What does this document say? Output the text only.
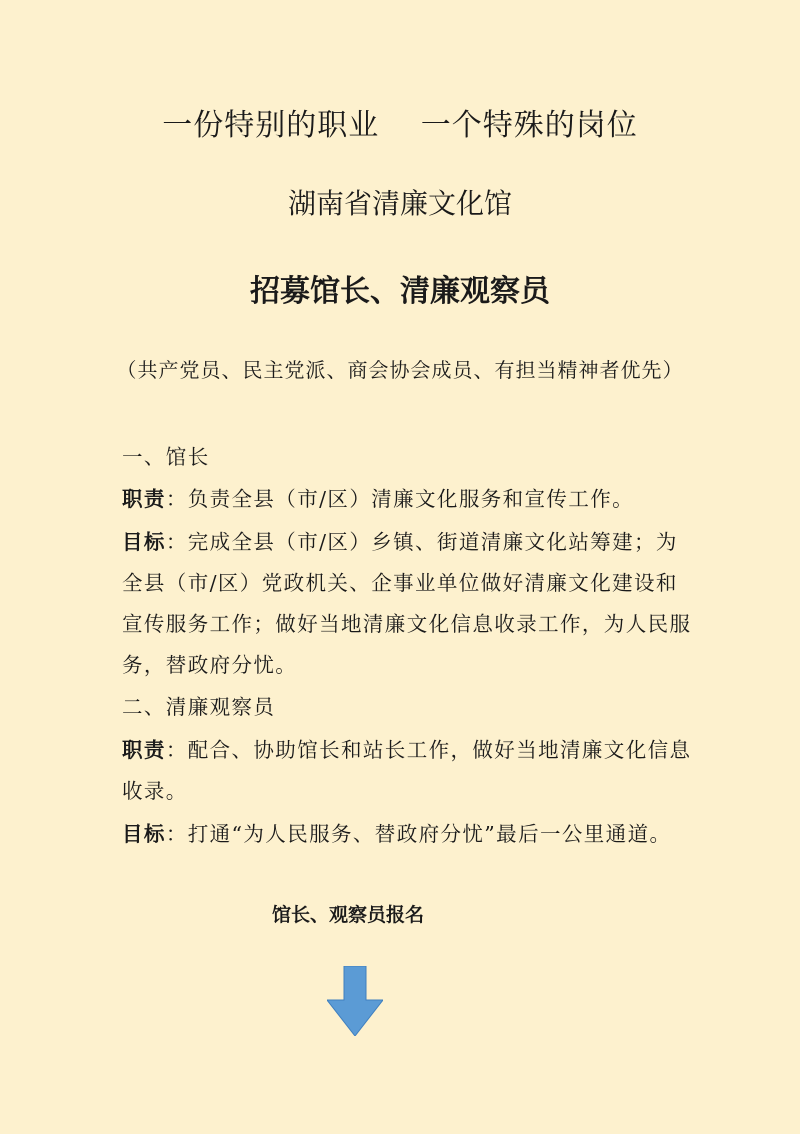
一份特别的职业　 一个特殊的岗位
湖南省清廉文化馆
招募馆长、清廉观察员
（共产党员、民主党派、商会协会成员、有担当精神者优先）
一、馆长
职责：负责全县（市/区）清廉文化服务和宣传工作。
目标：完成全县（市/区）乡镇、街道清廉文化站筹建；为
全县（市/区）党政机关、企事业单位做好清廉文化建设和
宣传服务工作；做好当地清廉文化信息收录工作，为人民服
务，替政府分忧。
二、清廉观察员
职责：配合、协助馆长和站长工作，做好当地清廉文化信息
收录。
目标：打通“为人民服务、替政府分忧”最后一公里通道。
馆长、观察员报名
